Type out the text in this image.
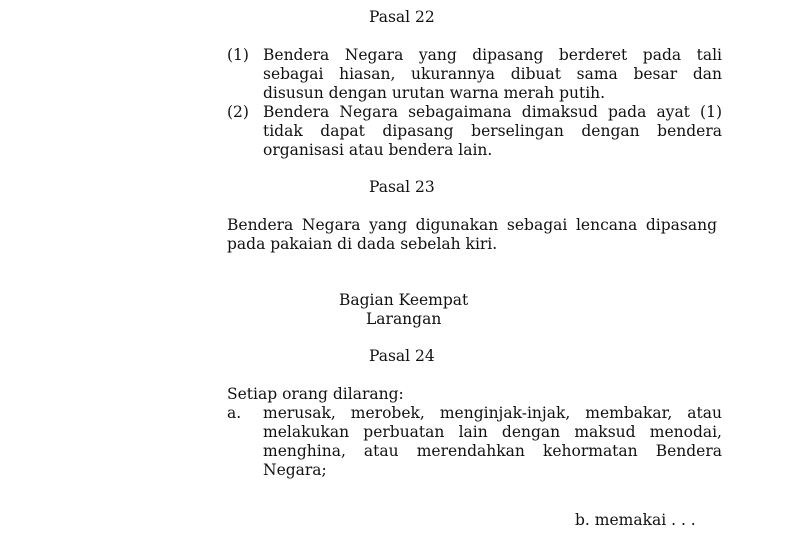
Pasal 22
(1) Bendera Negara yang dipasang berderet pada tali sebagai hiasan, ukurannya dibuat sama besar dan disusun dengan urutan warna merah putih.
(2) Bendera Negara sebagaimana dimaksud pada ayat (1) tidak dapat dipasang berselingan dengan bendera organisasi atau bendera lain.
Pasal 23
Bendera Negara yang digunakan sebagai lencana dipasang pada pakaian di dada sebelah kiri.
Bagian Keempat
Larangan
Pasal 24
Setiap orang dilarang:
a.	merusak, merobek, menginjak-injak, membakar, atau melakukan perbuatan lain dengan maksud menodai, menghina, atau merendahkan kehormatan Bendera Negara;
b. memakai . . .
